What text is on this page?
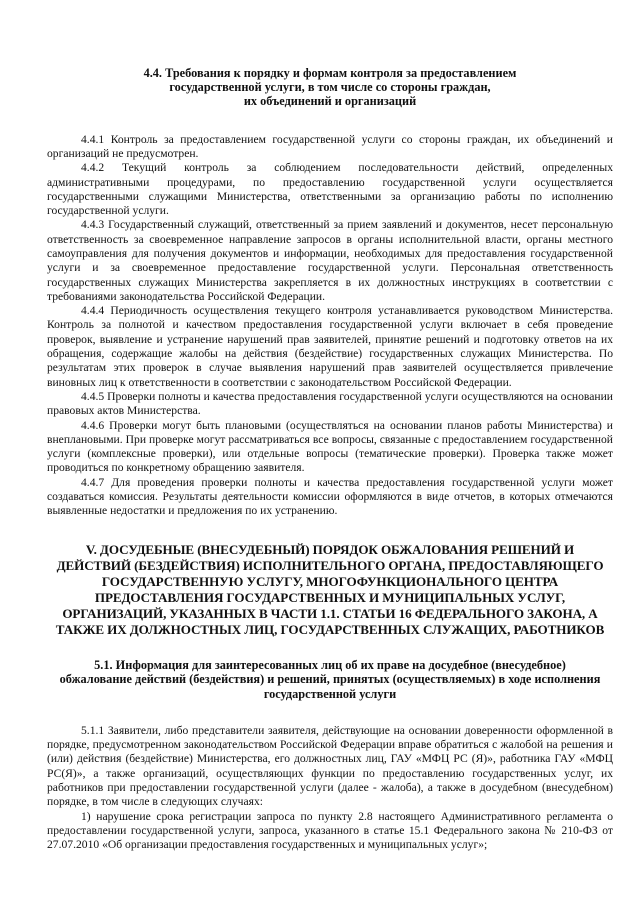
4.4. Требования к порядку и формам контроля за предоставлением
государственной услуги, в том числе со стороны граждан,
их объединений и организаций

4.4.1 Контроль за предоставлением государственной услуги со стороны граждан, их объединений и организаций не предусмотрен.

4.4.2 Текущий контроль за соблюдением последовательности действий, определенных административными процедурами, по предоставлению государственной услуги осуществляется государственными служащими Министерства, ответственными за организацию работы по исполнению государственной услуги.

4.4.3 Государственный служащий, ответственный за прием заявлений и документов, несет персональную ответственность за своевременное направление запросов в органы исполнительной власти, органы местного самоуправления для получения документов и информации, необходимых для предоставления государственной услуги и за своевременное предоставление государственной услуги. Персональная ответственность государственных служащих Министерства закрепляется в их должностных инструкциях в соответствии с требованиями законодательства Российской Федерации.

4.4.4 Периодичность осуществления текущего контроля устанавливается руководством Министерства. Контроль за полнотой и качеством предоставления государственной услуги включает в себя проведение проверок, выявление и устранение нарушений прав заявителей, принятие решений и подготовку ответов на их обращения, содержащие жалобы на действия (бездействие) государственных служащих Министерства. По результатам этих проверок в случае выявления нарушений прав заявителей осуществляется привлечение виновных лиц к ответственности в соответствии с законодательством Российской Федерации.

4.4.5 Проверки полноты и качества предоставления государственной услуги осуществляются на основании правовых актов Министерства.

4.4.6 Проверки могут быть плановыми (осуществляться на основании планов работы Министерства) и внеплановыми. При проверке могут рассматриваться все вопросы, связанные с предоставлением государственной услуги (комплексные проверки), или отдельные вопросы (тематические проверки). Проверка также может проводиться по конкретному обращению заявителя.

4.4.7 Для проведения проверки полноты и качества предоставления государственной услуги может создаваться комиссия. Результаты деятельности комиссии оформляются в виде отчетов, в которых отмечаются выявленные недостатки и предложения по их устранению.

V. ДОСУДЕБНЫЕ (ВНЕСУДЕБНЫЙ) ПОРЯДОК ОБЖАЛОВАНИЯ РЕШЕНИЙ И
ДЕЙСТВИЙ (БЕЗДЕЙСТВИЯ) ИСПОЛНИТЕЛЬНОГО ОРГАНА, ПРЕДОСТАВЛЯЮЩЕГО
ГОСУДАРСТВЕННУЮ УСЛУГУ, МНОГОФУНКЦИОНАЛЬНОГО ЦЕНТРА
ПРЕДОСТАВЛЕНИЯ ГОСУДАРСТВЕННЫХ И МУНИЦИПАЛЬНЫХ УСЛУГ,
ОРГАНИЗАЦИЙ, УКАЗАННЫХ В ЧАСТИ 1.1. СТАТЬИ 16 ФЕДЕРАЛЬНОГО ЗАКОНА, А
ТАКЖЕ ИХ ДОЛЖНОСТНЫХ ЛИЦ, ГОСУДАРСТВЕННЫХ СЛУЖАЩИХ, РАБОТНИКОВ
5.1. Информация для заинтересованных лиц об их праве на досудебное (внесудебное)
обжалование действий (бездействия) и решений, принятых (осуществляемых) в ходе исполнения
государственной услуги

5.1.1 Заявители, либо представители заявителя, действующие на основании доверенности оформленной в порядке, предусмотренном законодательством Российской Федерации вправе обратиться с жалобой на решения и (или) действия (бездействие) Министерства, его должностных лиц, ГАУ «МФЦ РС (Я)», работника ГАУ «МФЦ РС(Я)», а также организаций, осуществляющих функции по предоставлению государственных услуг, их работников при предоставлении государственной услуги (далее - жалоба), а также в досудебном (внесудебном) порядке, в том числе в следующих случаях:

1) нарушение срока регистрации запроса по пункту 2.8 настоящего Административного регламента о предоставлении государственной услуги, запроса, указанного в статье 15.1 Федерального закона № 210-ФЗ от 27.07.2010 «Об организации предоставления государственных и муниципальных услуг»;
